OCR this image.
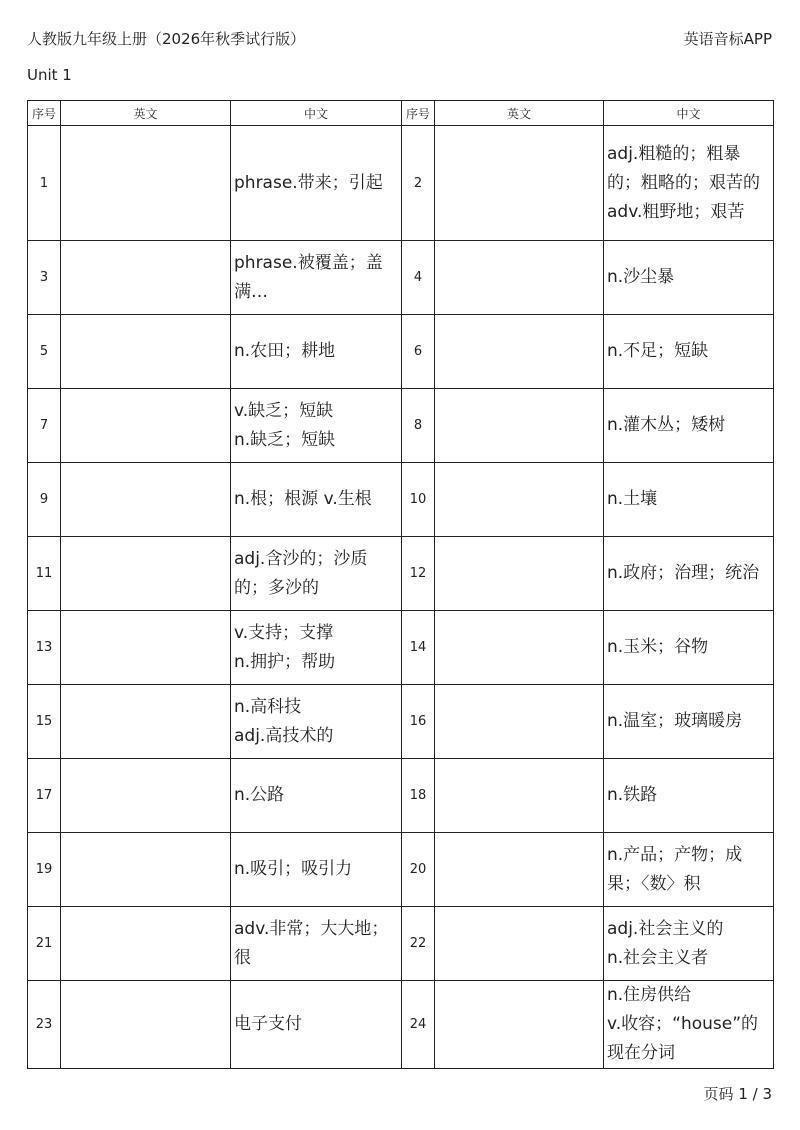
人教版九年级上册（2026年秋季试行版）	英语音标APP
Unit 1
序号	英文	中文	序号	英文	中文
1		phrase.带来；引起	2		adj.粗糙的；粗暴的；粗略的；艰苦的
adv.粗野地；艰苦

3		phrase.被覆盖；盖满…	4		n.沙尘暴

5		n.农田；耕地	6		n.不足；短缺

7		v.缺乏；短缺
n.缺乏；短缺	8		n.灌木丛；矮树

9		n.根；根源 v.生根	10		n.土壤

11		adj.含沙的；沙质的；多沙的	12		n.政府；治理；统治

13		v.支持；支撑
n.拥护；帮助	14		n.玉米；谷物

15		n.高科技
adj.高技术的	16		n.温室；玻璃暖房

17		n.公路	18		n.铁路

19		n.吸引；吸引力	20		n.产品；产物；成果；〈数〉积

21		adv.非常；大大地；很	22		adj.社会主义的
n.社会主义者

23		电子支付	24		n.住房供给
v.收容；“house”的现在分词
页码 1 / 3
